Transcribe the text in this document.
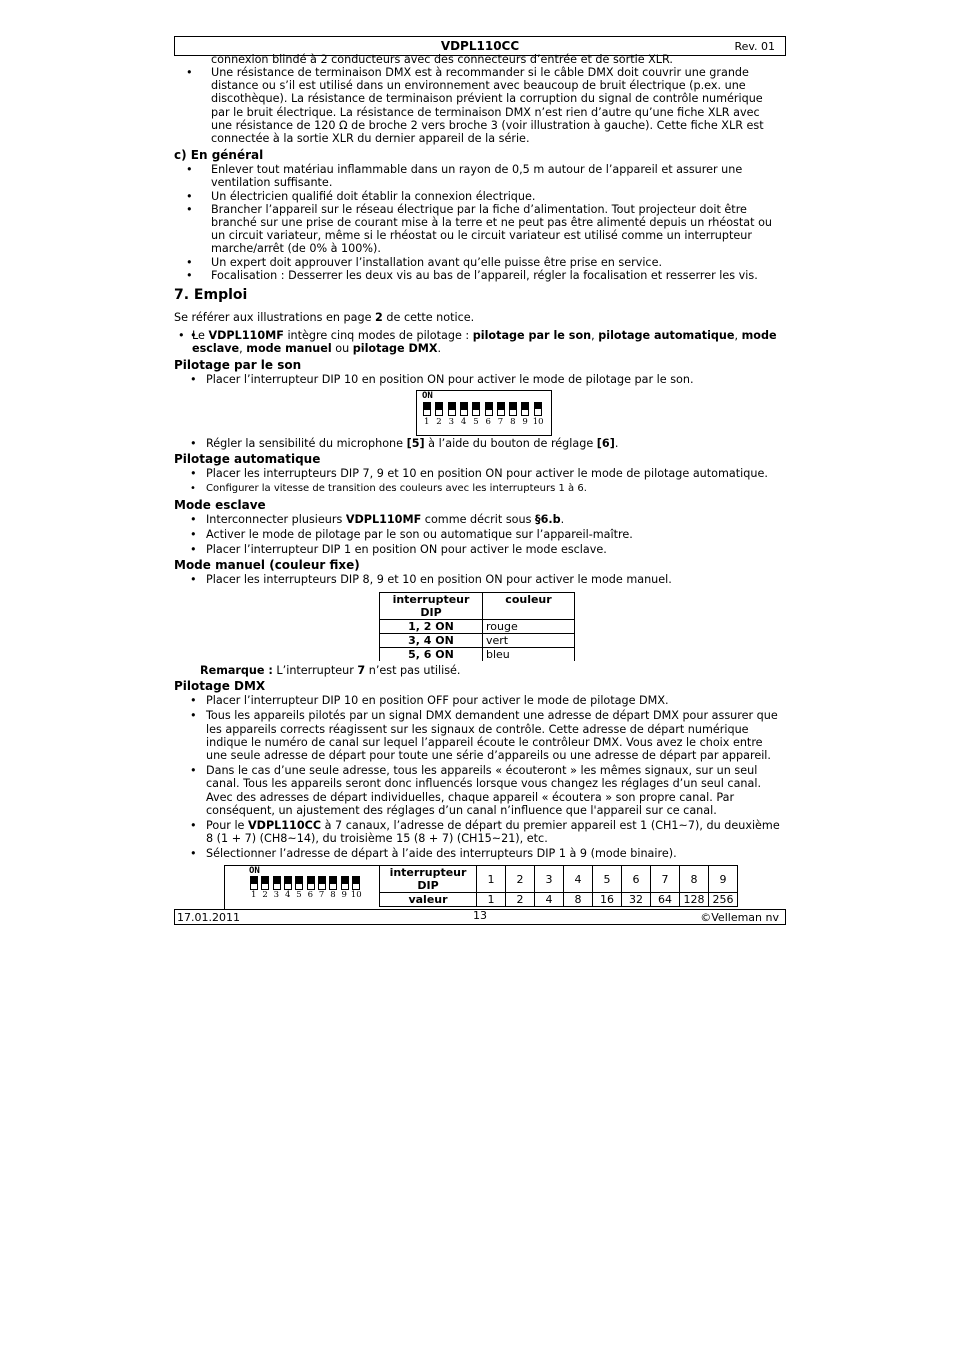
VDPL110CC	Rev. 01
connexion blindé à 2 conducteurs avec des connecteurs d’entrée et de sortie XLR.
• Une résistance de terminaison DMX est à recommander si le câble DMX doit couvrir une grande distance ou s’il est utilisé dans un environnement avec beaucoup de bruit électrique (p.ex. une discothèque). La résistance de terminaison prévient la corruption du signal de contrôle numérique par le bruit électrique. La résistance de terminaison DMX n’est rien d’autre qu’une fiche XLR avec une résistance de 120 Ω de broche 2 vers broche 3 (voir illustration à gauche). Cette fiche XLR est connectée à la sortie XLR du dernier appareil de la série.
c) En général
• Enlever tout matériau inflammable dans un rayon de 0,5 m autour de l’appareil et assurer une ventilation suffisante.
• Un électricien qualifié doit établir la connexion électrique.
• Brancher l’appareil sur le réseau électrique par la fiche d’alimentation. Tout projecteur doit être branché sur une prise de courant mise à la terre et ne peut pas être alimenté depuis un rhéostat ou un circuit variateur, même si le rhéostat ou le circuit variateur est utilisé comme un interrupteur marche/arrêt (de 0% à 100%).
• Un expert doit approuver l’installation avant qu’elle puisse être prise en service.
• Focalisation : Desserrer les deux vis au bas de l’appareil, régler la focalisation et resserrer les vis.
7. Emploi
Se référer aux illustrations en page 2 de cette notice.
• • Le VDPL110MF intègre cinq modes de pilotage : pilotage par le son, pilotage automatique, mode esclave, mode manuel ou pilotage DMX.
Pilotage par le son
• Placer l’interrupteur DIP 10 en position ON pour activer le mode de pilotage par le son.
ON
1 2 3 4 5 6 7 8 9 10
• Régler la sensibilité du microphone [5] à l’aide du bouton de réglage [6].
Pilotage automatique
• Placer les interrupteurs DIP 7, 9 et 10 en position ON pour activer le mode de pilotage automatique.
• Configurer la vitesse de transition des couleurs avec les interrupteurs 1 à 6.
Mode esclave
• Interconnecter plusieurs VDPL110MF comme décrit sous §6.b.
• Activer le mode de pilotage par le son ou automatique sur l’appareil-maître.
• Placer l’interrupteur DIP 1 en position ON pour activer le mode esclave.
Mode manuel (couleur fixe)
• Placer les interrupteurs DIP 8, 9 et 10 en position ON pour activer le mode manuel.
interrupteur DIP	couleur
1, 2 ON	rouge
3, 4 ON	vert
5, 6 ON	bleu
Remarque : L’interrupteur 7 n’est pas utilisé.
Pilotage DMX
• Placer l’interrupteur DIP 10 en position OFF pour activer le mode de pilotage DMX.
• Tous les appareils pilotés par un signal DMX demandent une adresse de départ DMX pour assurer que les appareils corrects réagissent sur les signaux de contrôle. Cette adresse de départ numérique indique le numéro de canal sur lequel l’appareil écoute le contrôleur DMX. Vous avez le choix entre une seule adresse de départ pour toute une série d’appareils ou une adresse de départ par appareil.
• Dans le cas d’une seule adresse, tous les appareils « écouteront » les mêmes signaux, sur un seul canal. Tous les appareils seront donc influencés lorsque vous changez les réglages d’un seul canal. Avec des adresses de départ individuelles, chaque appareil « écoutera » son propre canal. Par conséquent, un ajustement des réglages d’un canal n’influence que l'appareil sur ce canal.
• Pour le VDPL110CC à 7 canaux, l’adresse de départ du premier appareil est 1 (CH1~7), du deuxième 8 (1 + 7) (CH8~14), du troisième 15 (8 + 7) (CH15~21), etc.
• Sélectionner l’adresse de départ à l’aide des interrupteurs DIP 1 à 9 (mode binaire).
ON
1 2 3 4 5 6 7 8 9 10
interrupteur DIP	1	2	3	4	5	6	7	8	9
valeur	1	2	4	8	16	32	64	128	256
17.01.2011	13	©Velleman nv
